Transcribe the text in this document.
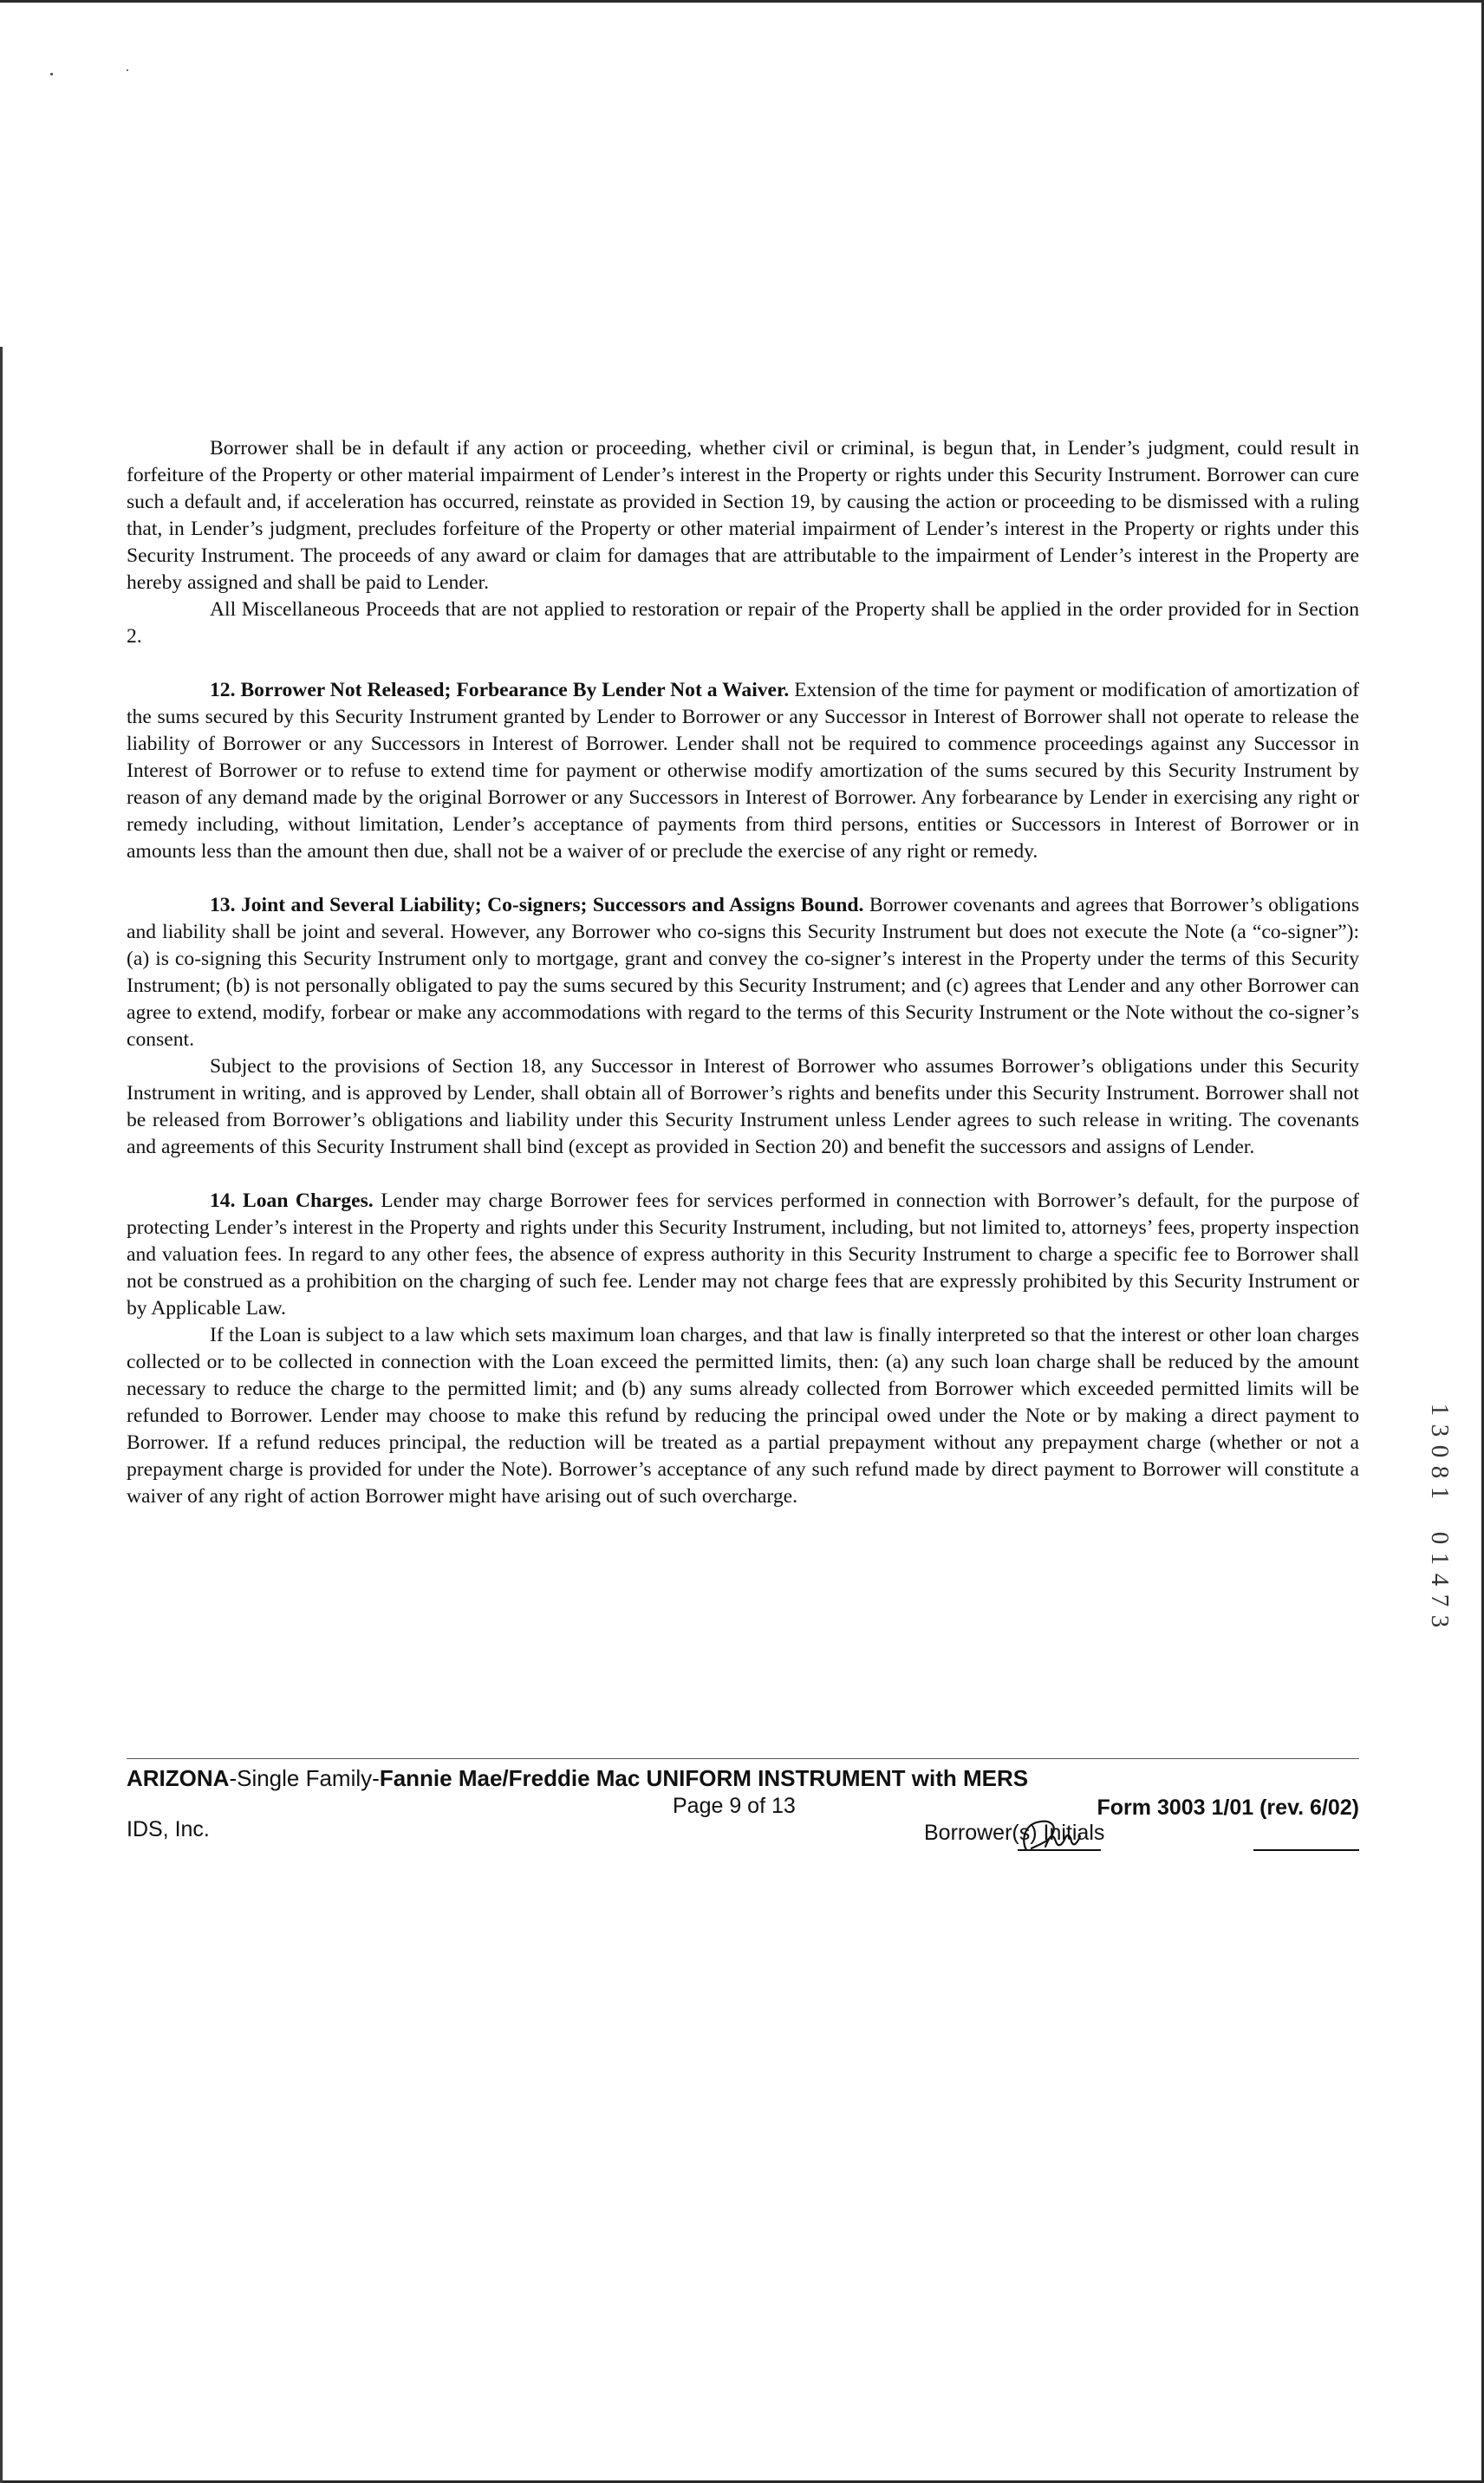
Borrower shall be in default if any action or proceeding, whether civil or criminal, is begun that, in Lender’s judgment, could result in forfeiture of the Property or other material impairment of Lender’s interest in the Property or rights under this Security Instrument. Borrower can cure such a default and, if acceleration has occurred, reinstate as provided in Section 19, by causing the action or proceeding to be dismissed with a ruling that, in Lender’s judgment, precludes forfeiture of the Property or other material impairment of Lender’s interest in the Property or rights under this Security Instrument. The proceeds of any award or claim for damages that are attributable to the impairment of Lender’s interest in the Property are hereby assigned and shall be paid to Lender.

All Miscellaneous Proceeds that are not applied to restoration or repair of the Property shall be applied in the order provided for in Section 2.

12. Borrower Not Released; Forbearance By Lender Not a Waiver. Extension of the time for payment or modification of amortization of the sums secured by this Security Instrument granted by Lender to Borrower or any Successor in Interest of Borrower shall not operate to release the liability of Borrower or any Successors in Interest of Borrower. Lender shall not be required to commence proceedings against any Successor in Interest of Borrower or to refuse to extend time for payment or otherwise modify amortization of the sums secured by this Security Instrument by reason of any demand made by the original Borrower or any Successors in Interest of Borrower. Any forbearance by Lender in exercising any right or remedy including, without limitation, Lender’s acceptance of payments from third persons, entities or Successors in Interest of Borrower or in amounts less than the amount then due, shall not be a waiver of or preclude the exercise of any right or remedy.

13. Joint and Several Liability; Co-signers; Successors and Assigns Bound. Borrower covenants and agrees that Borrower’s obligations and liability shall be joint and several. However, any Borrower who co-signs this Security Instrument but does not execute the Note (a “co-signer”): (a) is co-signing this Security Instrument only to mortgage, grant and convey the co-signer’s interest in the Property under the terms of this Security Instrument; (b) is not personally obligated to pay the sums secured by this Security Instrument; and (c) agrees that Lender and any other Borrower can agree to extend, modify, forbear or make any accommodations with regard to the terms of this Security Instrument or the Note without the co-signer’s consent.

Subject to the provisions of Section 18, any Successor in Interest of Borrower who assumes Borrower’s obligations under this Security Instrument in writing, and is approved by Lender, shall obtain all of Borrower’s rights and benefits under this Security Instrument. Borrower shall not be released from Borrower’s obligations and liability under this Security Instrument unless Lender agrees to such release in writing. The covenants and agreements of this Security Instrument shall bind (except as provided in Section 20) and benefit the successors and assigns of Lender.

14. Loan Charges. Lender may charge Borrower fees for services performed in connection with Borrower’s default, for the purpose of protecting Lender’s interest in the Property and rights under this Security Instrument, including, but not limited to, attorneys’ fees, property inspection and valuation fees. In regard to any other fees, the absence of express authority in this Security Instrument to charge a specific fee to Borrower shall not be construed as a prohibition on the charging of such fee. Lender may not charge fees that are expressly prohibited by this Security Instrument or by Applicable Law.

If the Loan is subject to a law which sets maximum loan charges, and that law is finally interpreted so that the interest or other loan charges collected or to be collected in connection with the Loan exceed the permitted limits, then: (a) any such loan charge shall be reduced by the amount necessary to reduce the charge to the permitted limit; and (b) any sums already collected from Borrower which exceeded permitted limits will be refunded to Borrower. Lender may choose to make this refund by reducing the principal owed under the Note or by making a direct payment to Borrower. If a refund reduces principal, the reduction will be treated as a partial prepayment without any prepayment charge (whether or not a prepayment charge is provided for under the Note). Borrower’s acceptance of any such refund made by direct payment to Borrower will constitute a waiver of any right of action Borrower might have arising out of such overcharge.

1
3
0
8
1
0
1
4
7
3
ARIZONA-Single Family-Fannie Mae/Freddie Mac UNIFORM INSTRUMENT with MERS
Page 9 of 13	Form 3003 1/01 (rev. 6/02)
IDS, Inc.	Borrower(s) Initials
